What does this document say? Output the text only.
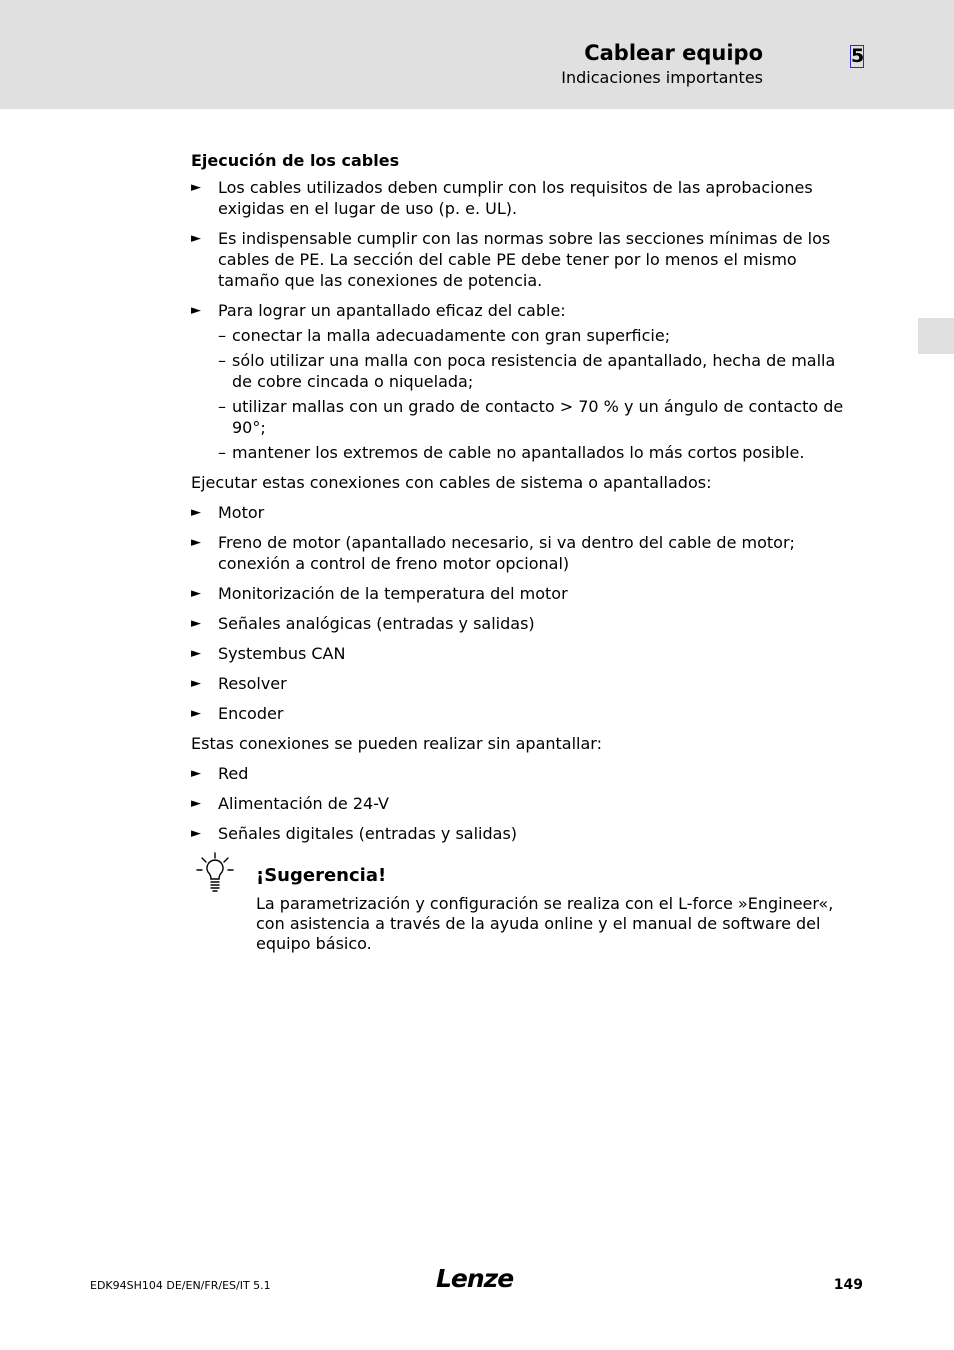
Cablear equipo
Indicaciones importantes
5
Ejecución de los cables
► Los cables utilizados deben cumplir con los requisitos de las aprobaciones exigidas en el lugar de uso (p. e. UL).
► Es indispensable cumplir con las normas sobre las secciones mínimas de los cables de PE. La sección del cable PE debe tener por lo menos el mismo tamaño que las conexiones de potencia.
► Para lograr un apantallado eficaz del cable:
– conectar la malla adecuadamente con gran superficie;
– sólo utilizar una malla con poca resistencia de apantallado, hecha de malla de cobre cincada o niquelada;
– utilizar mallas con un grado de contacto > 70 % y un ángulo de contacto de 90°;
– mantener los extremos de cable no apantallados lo más cortos posible.
Ejecutar estas conexiones con cables de sistema o apantallados:
► Motor
► Freno de motor (apantallado necesario, si va dentro del cable de motor; conexión a control de freno motor opcional)
► Monitorización de la temperatura del motor
► Señales analógicas (entradas y salidas)
► Systembus CAN
► Resolver
► Encoder
Estas conexiones se pueden realizar sin apantallar:
► Red
► Alimentación de 24-V
► Señales digitales (entradas y salidas)
¡Sugerencia!
La parametrización y configuración se realiza con el L-force »Engineer«, con asistencia a través de la ayuda online y el manual de software del equipo básico.
EDK94SH104 DE/EN/FR/ES/IT 5.1	Lenze	149
